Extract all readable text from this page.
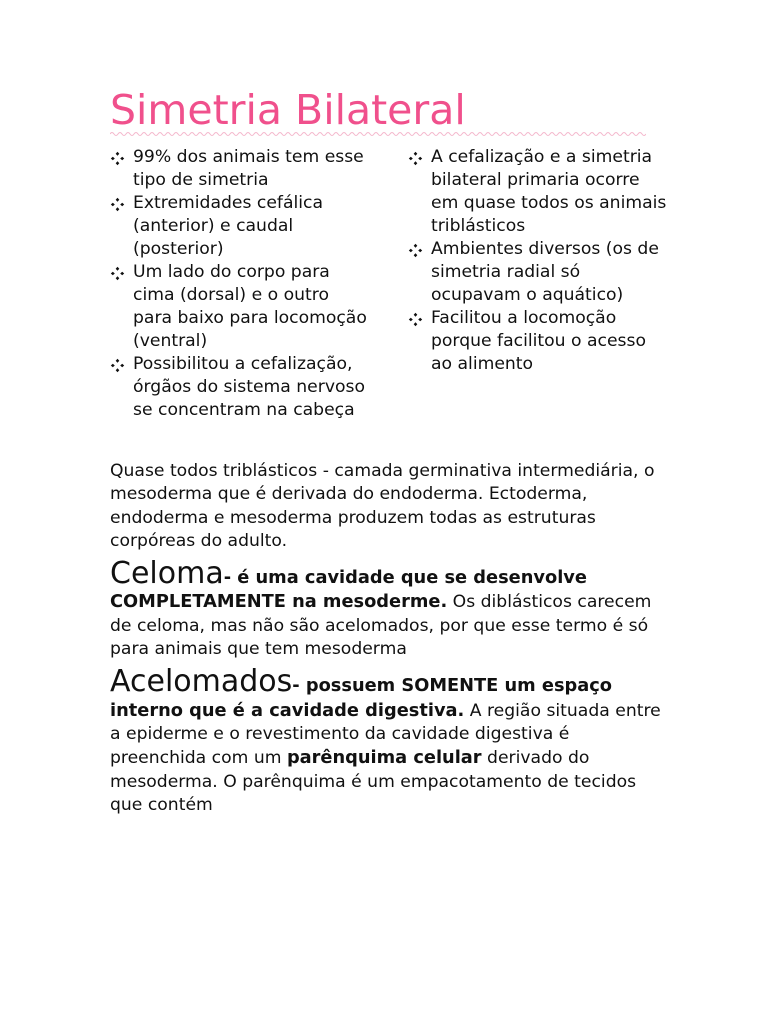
Simetria Bilateral
99% dos animais tem esse tipo de simetria
Extremidades cefálica (anterior) e caudal (posterior)
Um lado do corpo para cima (dorsal) e o outro para baixo para locomoção (ventral)
Possibilitou a cefalização, órgãos do sistema nervoso se concentram na cabeça
A cefalização e a simetria bilateral primaria ocorre em quase todos os animais triblásticos
Ambientes diversos (os de simetria radial só ocupavam o aquático)
Facilitou a locomoção porque facilitou o acesso ao alimento

Quase todos triblásticos - camada germinativa intermediária, o mesoderma que é derivada do endoderma. Ectoderma, endoderma e mesoderma produzem todas as estruturas corpóreas do adulto.

Celoma- é uma cavidade que se desenvolve COMPLETAMENTE na mesoderme. Os diblásticos carecem de celoma, mas não são acelomados, por que esse termo é só para animais que tem mesoderma

Acelomados- possuem SOMENTE um espaço interno que é a cavidade digestiva. A região situada entre a epiderme e o revestimento da cavidade digestiva é preenchida com um parênquima celular derivado do mesoderma. O parênquima é um empacotamento de tecidos que contém
